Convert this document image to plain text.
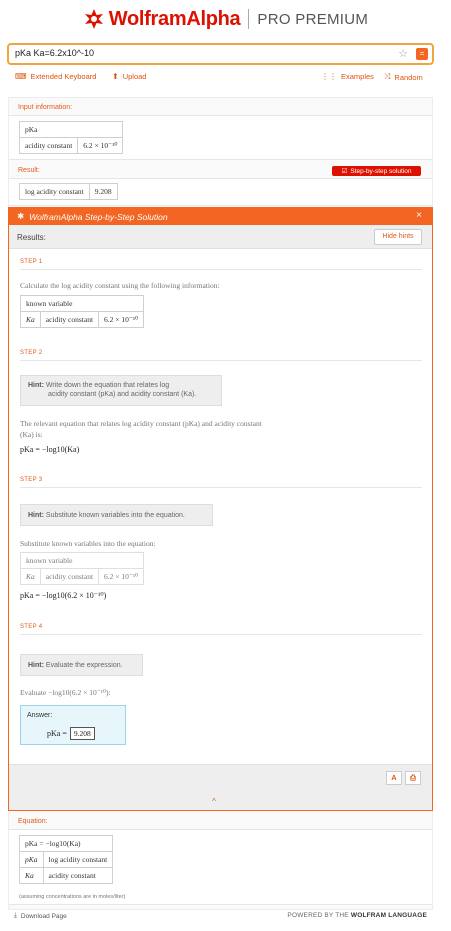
WolframAlpha PRO PREMIUM
pKa Ka=6.2x10^-10
☆	=
⌨ Extended Keyboard ⬆ Upload	⋮⋮ Examples ⤨ Random
Input information:
pKa
acidity constant	6.2 × 10⁻¹⁰
Result:	☑ Step-by-step solution
log acidity constant	9.208
✱ WolframAlpha Step-by-Step Solution	×
Results:	Hide hints
STEP 1
Calculate the log acidity constant using the following information:
known variable
Ka	acidity constant	6.2 × 10⁻¹⁰
STEP 2
Hint: Write down the equation that relates log
acidity constant (pKa) and acidity constant (Ka).
The relevant equation that relates log acidity constant (pKa) and acidity constant
(Ka) is:
pKa = −log10(Ka)
STEP 3
Hint: Substitute known variables into the equation.
Substitute known variables into the equation:
known variable
Ka	acidity constant	6.2 × 10⁻¹⁰
pKa = −log10(6.2 × 10⁻¹⁰)
STEP 4
Hint: Evaluate the expression.
Evaluate −log10(6.2 × 10⁻¹⁰):
Answer:
pKa = 9.208
A	⎙
^
Equation:
pKa = −log10(Ka)	
pKa	log acidity constant
Ka	acidity constant
(assuming concentrations are in moles/liter)
⤓ Download Page	POWERED BY THE WOLFRAM LANGUAGE
